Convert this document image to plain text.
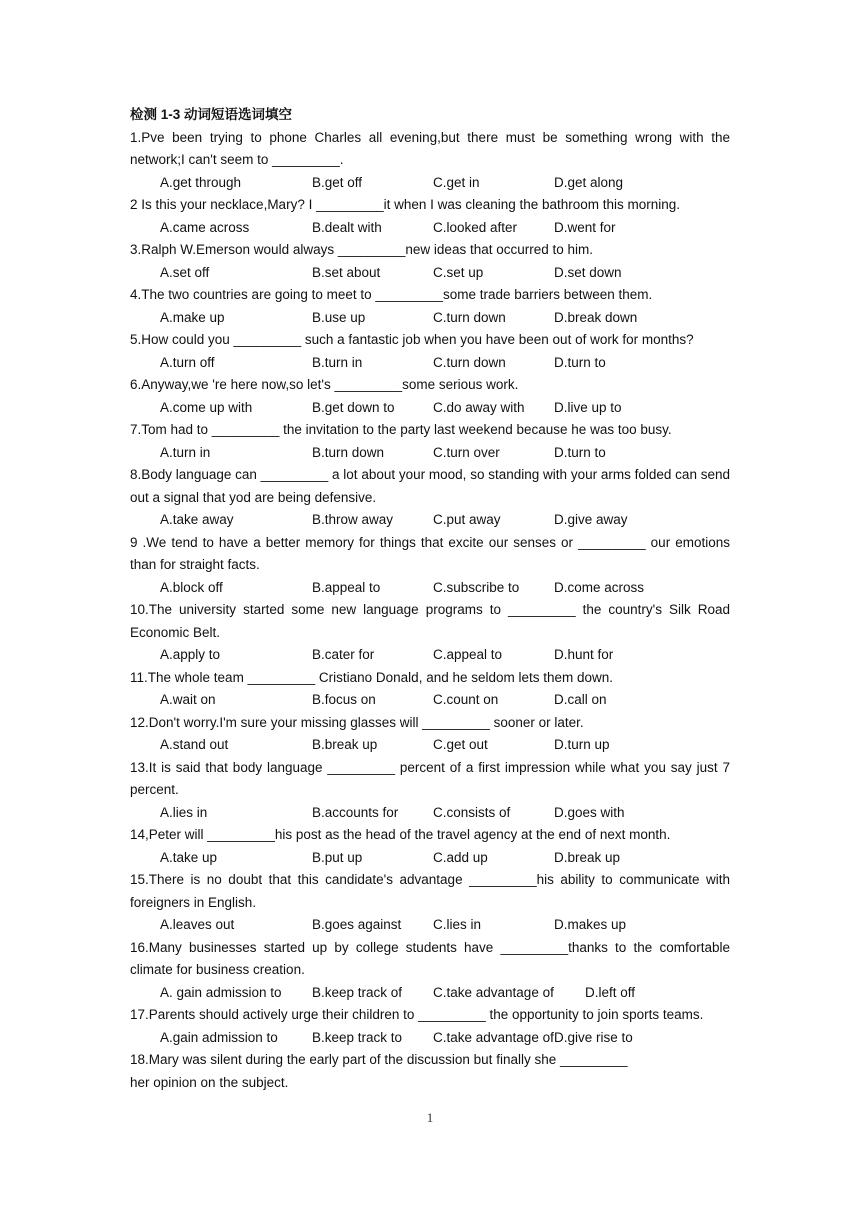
检测 1-3 动词短语选词填空
1.Pve been trying to phone Charles all evening,but there must be something wrong with the network;I can't seem to _________.
A.get through	B.get off	C.get in	D.get along
2 Is this your necklace,Mary? I _________it when I was cleaning the bathroom this morning.
A.came across	B.dealt with	C.looked after	D.went for
3.Ralph W.Emerson would always _________new ideas that occurred to him.
A.set off	B.set about	C.set up	D.set down
4.The two countries are going to meet to _________some trade barriers between them.
A.make up	B.use up	C.turn down	D.break down
5.How could you _________ such a fantastic job when you have been out of work for months?
A.turn off	B.turn in	C.turn down	D.turn to
6.Anyway,we 're here now,so let's _________some serious work.
A.come up with	B.get down to	C.do away with D.live up to
7.Tom had to _________ the invitation to the party last weekend because he was too busy.
A.turn in	B.turn down	C.turn over	D.turn to
8.Body language can _________ a lot about your mood, so standing with your arms folded can send out a signal that yod are being defensive.
A.take away	B.throw away	C.put away	D.give away
9 .We tend to have a better memory for things that excite our senses or _________ our emotions than for straight facts.
A.block off	B.appeal to	C.subscribe to	D.come across
10.The university started some new language programs to _________ the country's Silk Road Economic Belt.
A.apply to	B.cater for	C.appeal to	D.hunt for
11.The whole team _________ Cristiano Donald, and he seldom lets them down.
A.wait on	B.focus on	C.count on	D.call on
12.Don't worry.I'm sure your missing glasses will _________ sooner or later.
A.stand out	B.break up	C.get out	D.turn up
13.It is said that body language _________ percent of a first impression while what you say just 7 percent.
A.lies in	B.accounts for	C.consists of	D.goes with
14,Peter will _________his post as the head of the travel agency at the end of next month.
A.take up	B.put up	C.add up	D.break up
15.There is no doubt that this candidate's advantage _________his ability to communicate with foreigners in English.
A.leaves out	B.goes against C.lies in	D.makes up
16.Many businesses started up by college students have _________thanks to the comfortable climate for business creation.
A. gain admission to B.keep track of C.take advantage of D.left off
17.Parents should actively urge their children to _________ the opportunity to join sports teams.
A.gain admission to	B.keep track to C.take advantage of D.give rise to
18.Mary was silent during the early part of the discussion but finally she _________
her opinion on the subject.
1
